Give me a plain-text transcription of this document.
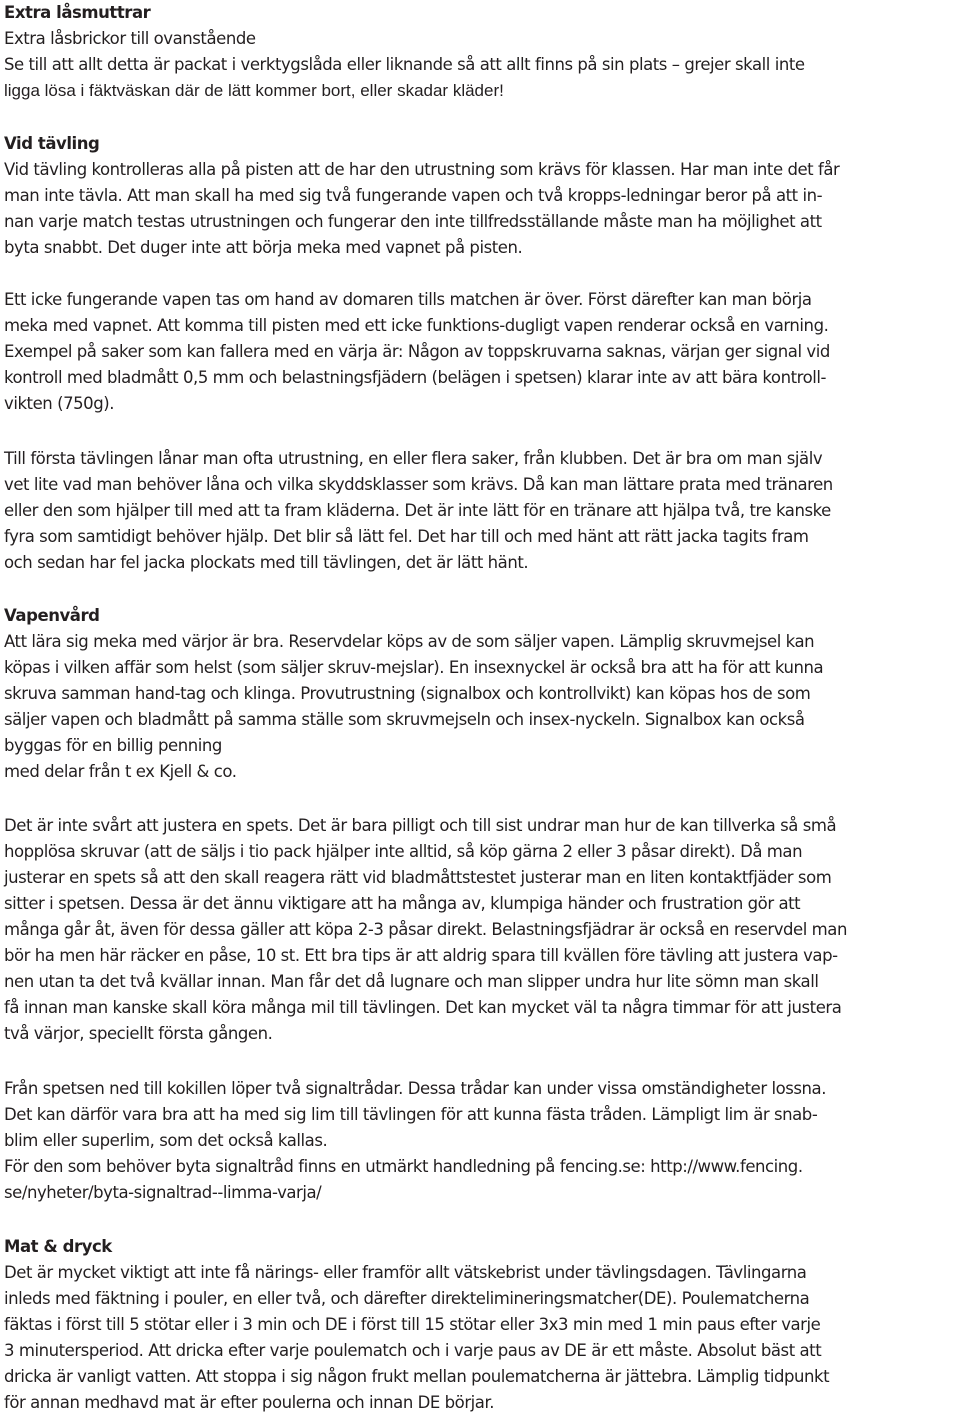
Extra låsmuttrar
Extra låsbrickor till ovanstående
Se till att allt detta är packat i verktygslåda eller liknande så att allt finns på sin plats – grejer skall inte
ligga lösa i fäktväskan där de lätt kommer bort, eller skadar kläder!
Vid tävling
Vid tävling kontrolleras alla på pisten att de har den utrustning som krävs för klassen. Har man inte det får
man inte tävla. Att man skall ha med sig två fungerande vapen och två kropps-ledningar beror på att in-
nan varje match testas utrustningen och fungerar den inte tillfredsställande måste man ha möjlighet att
byta snabbt. Det duger inte att börja meka med vapnet på pisten.
Ett icke fungerande vapen tas om hand av domaren tills matchen är över. Först därefter kan man börja
meka med vapnet. Att komma till pisten med ett icke funktions-dugligt vapen renderar också en varning.
Exempel på saker som kan fallera med en värja är: Någon av toppskruvarna saknas, värjan ger signal vid
kontroll med bladmått 0,5 mm och belastningsfjädern (belägen i spetsen) klarar inte av att bära kontroll-
vikten (750g).
Till första tävlingen lånar man ofta utrustning, en eller flera saker, från klubben. Det är bra om man själv
vet lite vad man behöver låna och vilka skyddsklasser som krävs. Då kan man lättare prata med tränaren
eller den som hjälper till med att ta fram kläderna. Det är inte lätt för en tränare att hjälpa två, tre kanske
fyra som samtidigt behöver hjälp. Det blir så lätt fel. Det har till och med hänt att rätt jacka tagits fram
och sedan har fel jacka plockats med till tävlingen, det är lätt hänt.
Vapenvård
Att lära sig meka med värjor är bra. Reservdelar köps av de som säljer vapen. Lämplig skruvmejsel kan
köpas i vilken affär som helst (som säljer skruv-mejslar). En insexnyckel är också bra att ha för att kunna
skruva samman hand-tag och klinga. Provutrustning (signalbox och kontrollvikt) kan köpas hos de som
säljer vapen och bladmått på samma ställe som skruvmejseln och insex-nyckeln. Signalbox kan också
byggas för en billig penning
med delar från t ex Kjell & co.
Det är inte svårt att justera en spets. Det är bara pilligt och till sist undrar man hur de kan tillverka så små
hopplösa skruvar (att de säljs i tio pack hjälper inte alltid, så köp gärna 2 eller 3 påsar direkt). Då man
justerar en spets så att den skall reagera rätt vid bladmåttstestet justerar man en liten kontaktfjäder som
sitter i spetsen. Dessa är det ännu viktigare att ha många av, klumpiga händer och frustration gör att
många går åt, även för dessa gäller att köpa 2-3 påsar direkt. Belastningsfjädrar är också en reservdel man
bör ha men här räcker en påse, 10 st. Ett bra tips är att aldrig spara till kvällen före tävling att justera vap-
nen utan ta det två kvällar innan. Man får det då lugnare och man slipper undra hur lite sömn man skall
få innan man kanske skall köra många mil till tävlingen. Det kan mycket väl ta några timmar för att justera
två värjor, speciellt första gången.
Från spetsen ned till kokillen löper två signaltrådar. Dessa trådar kan under vissa omständigheter lossna.
Det kan därför vara bra att ha med sig lim till tävlingen för att kunna fästa tråden. Lämpligt lim är snab-
blim eller superlim, som det också kallas.
För den som behöver byta signaltråd finns en utmärkt handledning på fencing.se: http://www.fencing.
se/nyheter/byta-signaltrad--limma-varja/
Mat & dryck
Det är mycket viktigt att inte få närings- eller framför allt vätskebrist under tävlingsdagen. Tävlingarna
inleds med fäktning i pouler, en eller två, och därefter direktelimineringsmatcher(DE). Poulematcherna
fäktas i först till 5 stötar eller i 3 min och DE i först till 15 stötar eller 3x3 min med 1 min paus efter varje
3 minutersperiod. Att dricka efter varje poulematch och i varje paus av DE är ett måste. Absolut bäst att
dricka är vanligt vatten. Att stoppa i sig någon frukt mellan poulematcherna är jättebra. Lämplig tidpunkt
för annan medhavd mat är efter poulerna och innan DE börjar.
